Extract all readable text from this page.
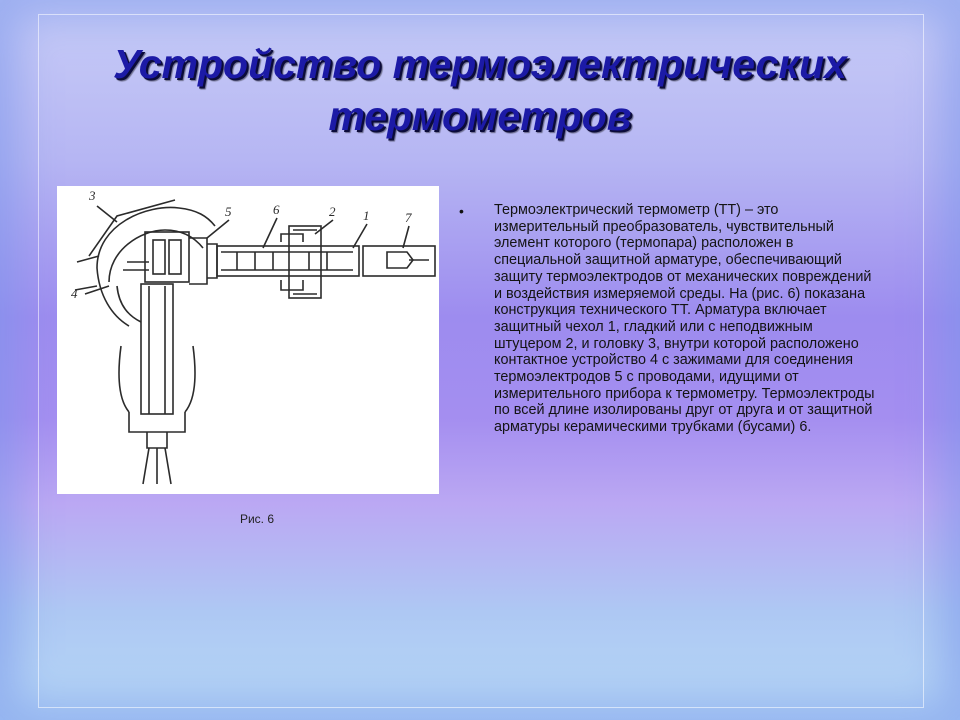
Устройство термоэлектрических
термометров
3
4
5	6	2 1	7
Рис. 6
• Термоэлектрический термометр (ТТ) – это измерительный преобразователь, чувствительный элемент которого (термопара) расположен в специальной защитной арматуре, обеспечивающий защиту термоэлектродов от механических повреждений и воздействия измеряемой среды. На (рис. 6) показана конструкция технического ТТ. Арматура включает защитный чехол 1, гладкий или с неподвижным штуцером 2, и головку 3, внутри которой расположено контактное устройство 4 с зажимами для соединения термоэлектродов 5 с проводами, идущими от измерительного прибора к термометру. Термоэлектроды по всей длине изолированы друг от друга и от защитной арматуры керамическими трубками (бусами) 6.
